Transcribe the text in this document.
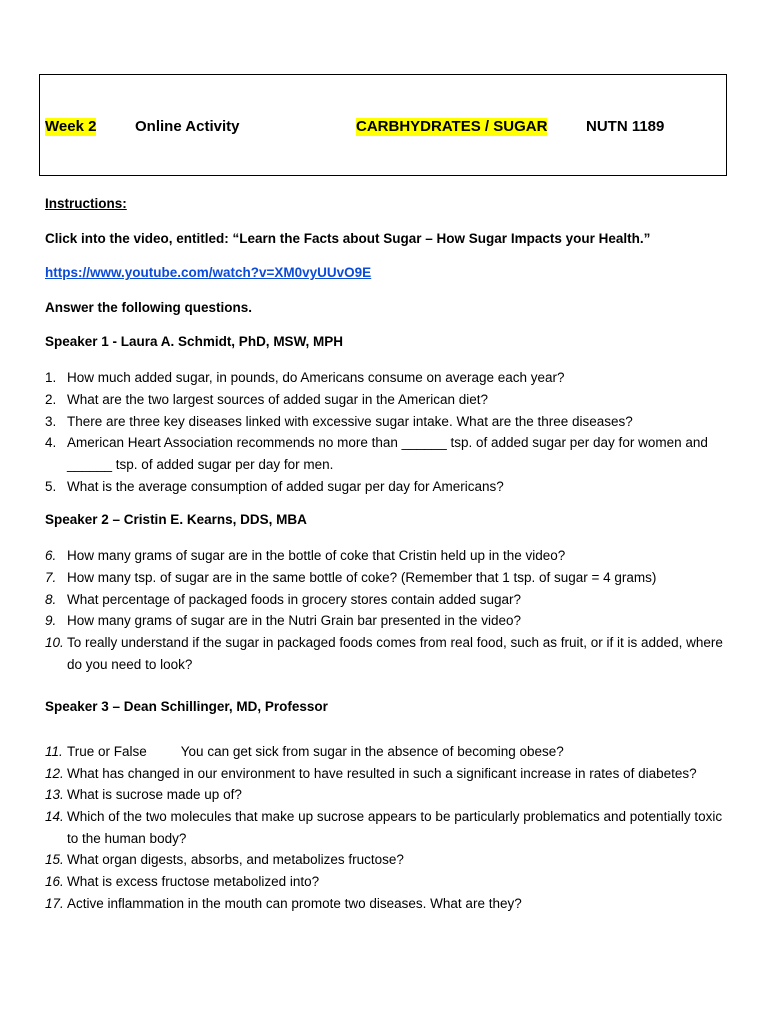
Week 2	Online Activity	CARBHYDRATES / SUGAR	NUTN 1189
Instructions:
Click into the video, entitled: “Learn the Facts about Sugar – How Sugar Impacts your Health.”
https://www.youtube.com/watch?v=XM0vyUUvO9E
Answer the following questions.
Speaker 1 - Laura A. Schmidt, PhD, MSW, MPH
1. How much added sugar, in pounds, do Americans consume on average each year?
2. What are the two largest sources of added sugar in the American diet?
3. There are three key diseases linked with excessive sugar intake. What are the three diseases?
4. American Heart Association recommends no more than ______ tsp. of added sugar per day for women and ______ tsp. of added sugar per day for men.
5. What is the average consumption of added sugar per day for Americans?
Speaker 2 – Cristin E. Kearns, DDS, MBA
6. How many grams of sugar are in the bottle of coke that Cristin held up in the video?
7. How many tsp. of sugar are in the same bottle of coke? (Remember that 1 tsp. of sugar = 4 grams)
8. What percentage of packaged foods in grocery stores contain added sugar?
9. How many grams of sugar are in the Nutri Grain bar presented in the video?
10. To really understand if the sugar in packaged foods comes from real food, such as fruit, or if it is added, where do you need to look?
Speaker 3 – Dean Schillinger, MD, Professor
11. True or False	You can get sick from sugar in the absence of becoming obese?
12. What has changed in our environment to have resulted in such a significant increase in rates of diabetes?
13. What is sucrose made up of?
14. Which of the two molecules that make up sucrose appears to be particularly problematics and potentially toxic to the human body?
15. What organ digests, absorbs, and metabolizes fructose?
16. What is excess fructose metabolized into?
17. Active inflammation in the mouth can promote two diseases. What are they?
